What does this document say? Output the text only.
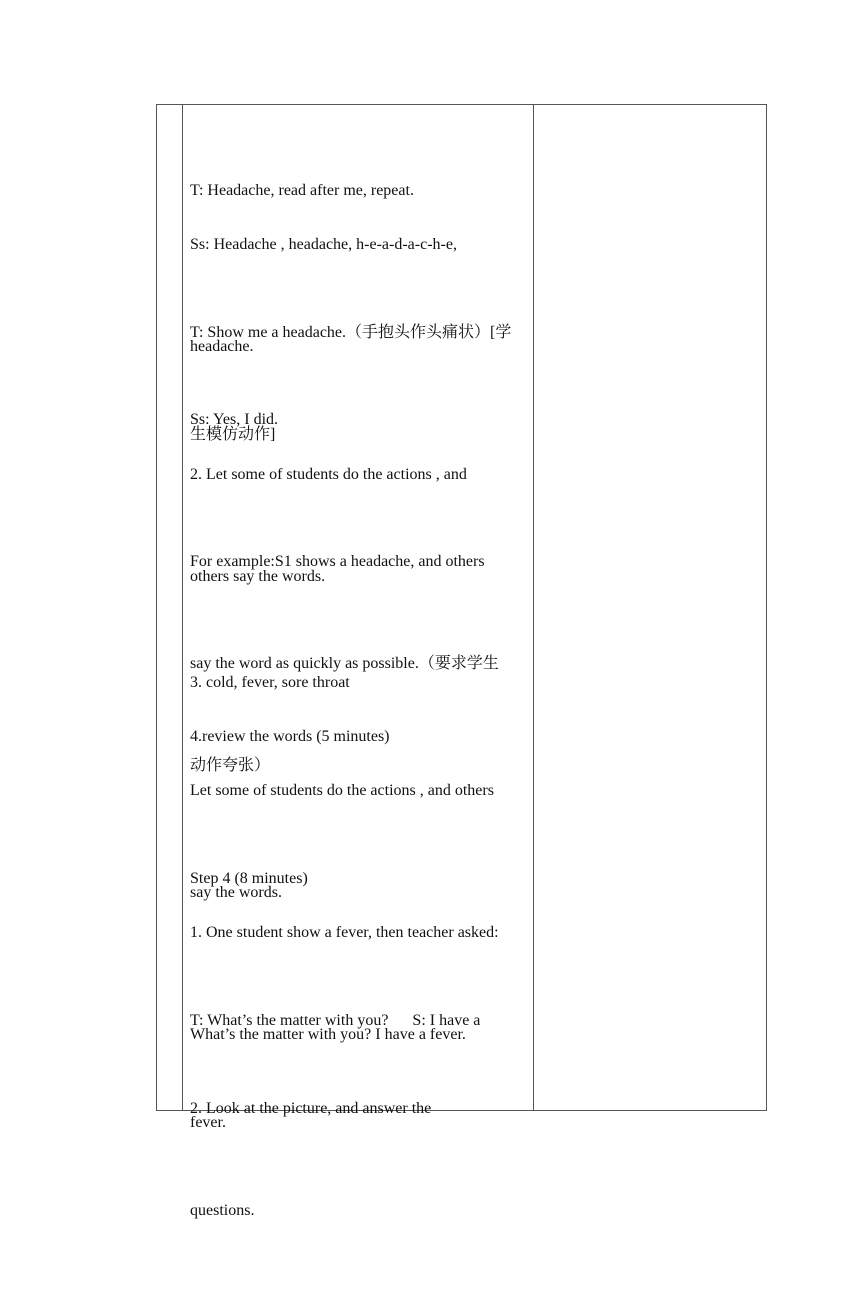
T: Headache, read after me, repeat.

Ss: Headache , headache, h-e-a-d-a-c-h-e,

headache.

T: Show me a headache.（手抱头作头痛状）[学

生模仿动作]

Ss: Yes, I did.

2. Let some of students do the actions , and

others say the words.

For example:S1 shows a headache, and others

say the word as quickly as possible.（要求学生

动作夸张）

3. cold, fever, sore throat

4.review the words (5 minutes)

Let some of students do the actions , and others

say the words.

Step 4 (8 minutes)

1. One student show a fever, then teacher asked:

What’s the matter with you? I have a fever.

T: What’s the matter with you?      S: I have a

fever.

2. Look at the picture, and answer the

questions.
